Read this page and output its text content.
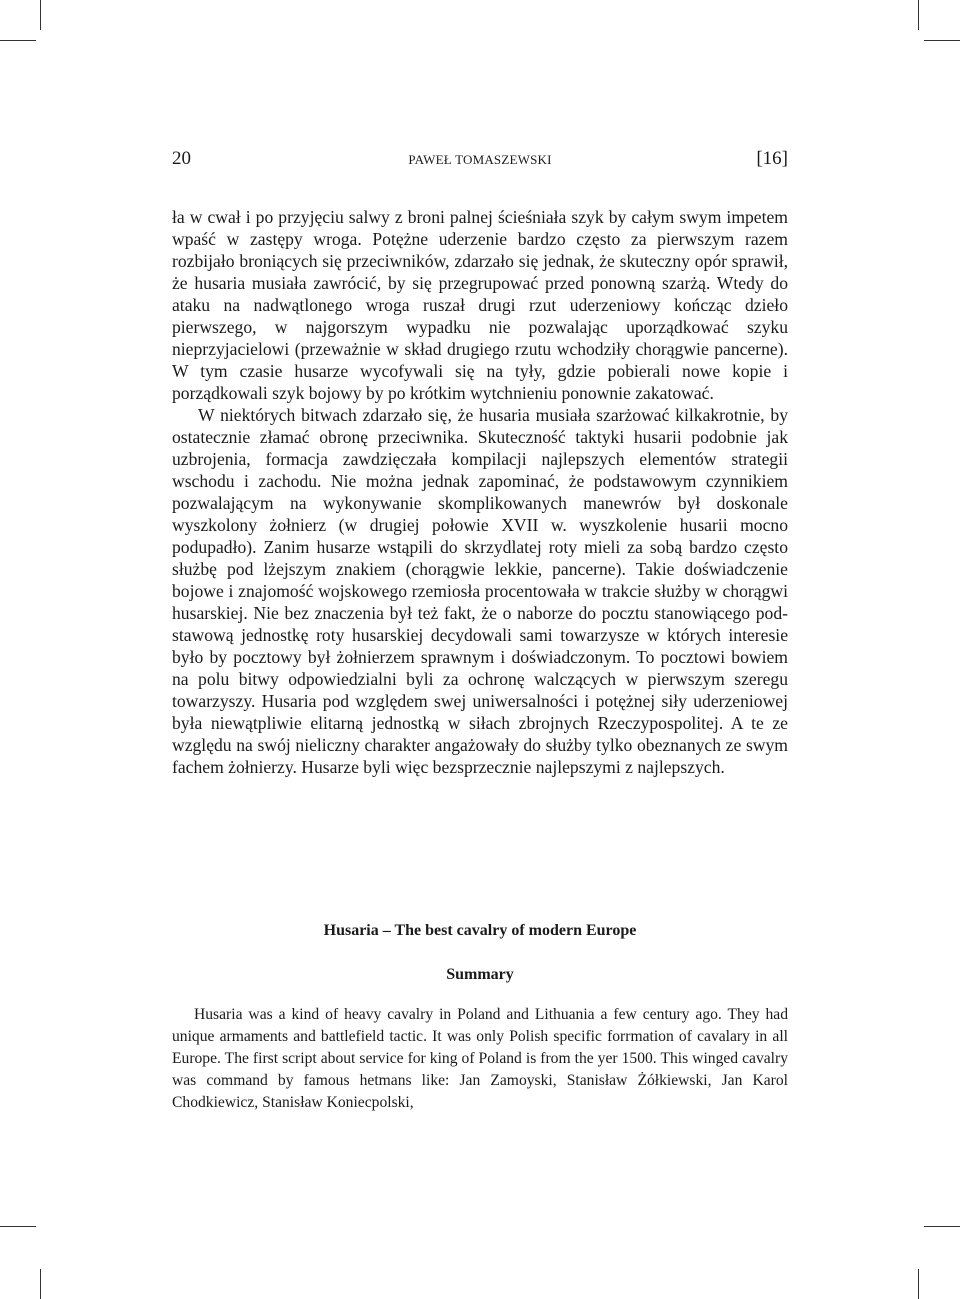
20	PAWEŁ TOMASZEWSKI	[16]

ła w cwał i po przyjęciu salwy z broni palnej ścieśniała szyk by całym swym impetem wpaść w zastępy wroga. Potężne uderzenie bardzo często za pierwszym razem rozbijało broniących się przeciwników, zdarzało się jednak, że skuteczny opór sprawił, że husaria musiała zawrócić, by się przegrupować przed ponowną szarżą. Wtedy do ataku na nadwątlonego wroga ruszał drugi rzut uderzeniowy kończąc dzieło pierwszego, w najgorszym wypadku nie pozwalając uporządkować szyku nieprzyjacielowi (przeważnie w skład drugiego rzutu wchodziły chorągwie pancerne). W tym czasie husarze wycofywali się na tyły, gdzie pobierali nowe kopie i porządkowali szyk bojowy by po krótkim wytchnieniu ponownie zakatować.

W niektórych bitwach zdarzało się, że husaria musiała szarżować kilkakrotnie, by ostatecznie złamać obronę przeciwnika. Skuteczność taktyki husarii podobnie jak uzbrojenia, formacja zawdzięczała kompilacji najlepszych elementów strategii wschodu i zachodu. Nie można jednak zapominać, że podstawowym czynnikiem pozwalającym na wykonywanie skomplikowanych manewrów był doskonale wyszkolony żołnierz (w drugiej połowie XVII w. wyszkolenie husarii mocno podupadło). Zanim husarze wstąpili do skrzydlatej roty mieli za sobą bardzo często służbę pod lżejszym znakiem (chorągwie lekkie, pancerne). Takie doświadczenie bojowe i znajomość wojskowego rzemiosła procentowała w trakcie służby w chorągwi husarskiej. Nie bez znaczenia był też fakt, że o naborze do pocztu stanowiącego podstawową jednostkę roty husarskiej decydowali sami towarzysze w których interesie było by pocztowy był żołnierzem sprawnym i doświadczonym. To pocztowi bowiem na polu bitwy odpowiedzialni byli za ochronę walczących w pierwszym szeregu towarzyszy. Husaria pod względem swej uniwersalności i potężnej siły uderzeniowej była niewątpliwie elitarną jednostką w siłach zbrojnych Rzeczypospolitej. A te ze względu na swój nieliczny charakter angażowały do służby tylko obeznanych ze swym fachem żołnierzy. Husarze byli więc bezsprzecznie najlepszymi z najlepszych.

Husaria – The best cavalry of modern Europe
Summary

Husaria was a kind of heavy cavalry in Poland and Lithuania a few century ago. They had unique armaments and battlefield tactic. It was only Polish specific forrmation of cavalary in all Europe. The first script about service for king of Poland is from the yer 1500. This winged cavalry was command by famous hetmans like: Jan Zamoyski, Stanisław Żółkiewski, Jan Karol Chodkiewicz, Stanisław Koniecpolski,
